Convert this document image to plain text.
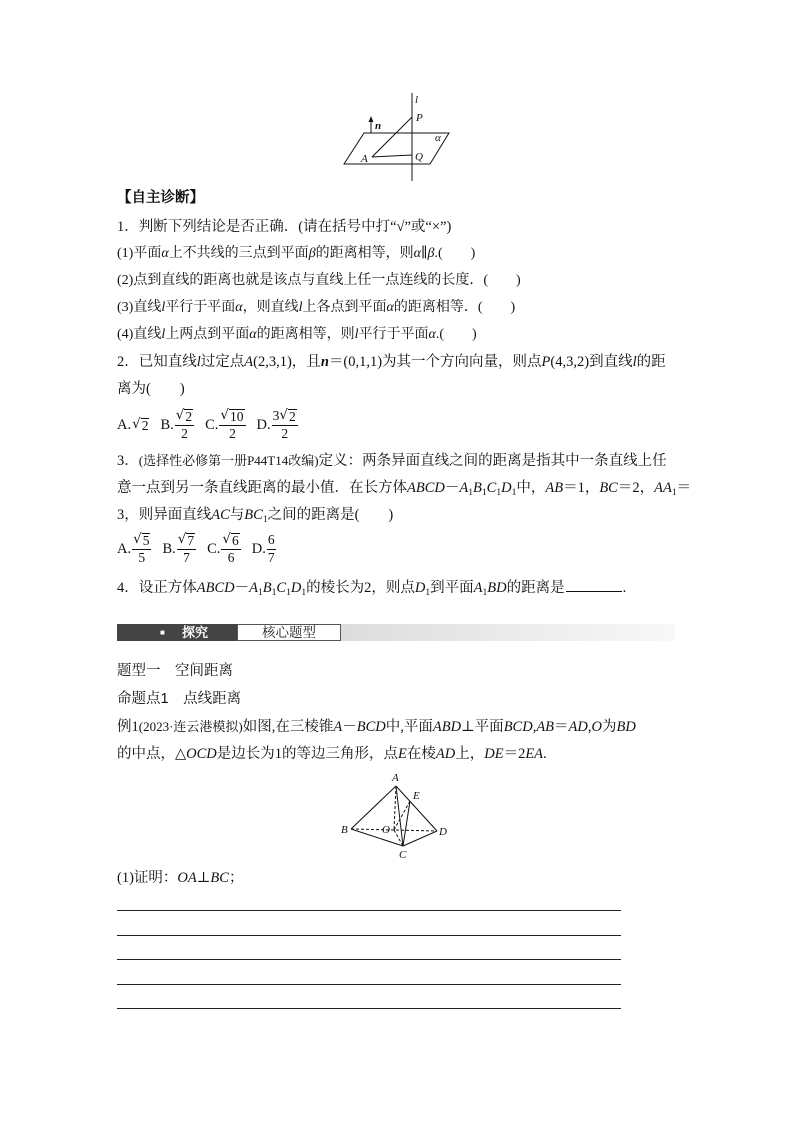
l
n
P
α
A	Q
【自主诊断】
1．判断下列结论是否正确．(请在括号中打“√”或“×”)
(1)平面α上不共线的三点到平面β的距离相等，则α∥β.(　　)
(2)点到直线的距离也就是该点与直线上任一点连线的长度．(　　)
(3)直线l平行于平面α，则直线l上各点到平面α的距离相等．(　　)
(4)直线l上两点到平面α的距离相等，则l平行于平面α.(　　)
2．已知直线l过定点A(2,3,1)，且n＝(0,1,1)为其一个方向向量，则点P(4,3,2)到直线l的距
离为(　　)
A. √ 2 B. $\frac{√ 2}{2} C$. $\frac{√ 10}{2} D$. $\frac{3 √ 2}{2}$
3．(选择性必修第一册P44T14改编)定义：两条异面直线之间的距离是指其中一条直线上任
意一点到另一条直线距离的最小值．在长方体$ABCD-A_1B_1C_1D_1$中，AB＝1，BC＝2，$AA_1=$
3，则异面直线AC与$BC_1$之间的距离是(　　)
A. $\frac{√ 5}{5} B$. $\frac{√ 7}{7} C$. $\frac{√ 6}{6} D$. $\frac{6}{7}$
4．设正方体$ABCD-A_1B_1C_1D_1$的棱长为2，则点$D_1$到平面$A_1BD$的距离是	.
■ 探究	核心题型
题型一　空间距离
命题点1　点线距离
例1(2023·连云港模拟)如图,在三棱锥A－BCD中,平面ABD⊥平面BCD,AB＝AD,O为BD
的中点，△OCD是边长为1的等边三角形，点E在棱AD上，DE＝2EA.
A
B
C
D
O
E
(1)证明：OA⊥BC；
